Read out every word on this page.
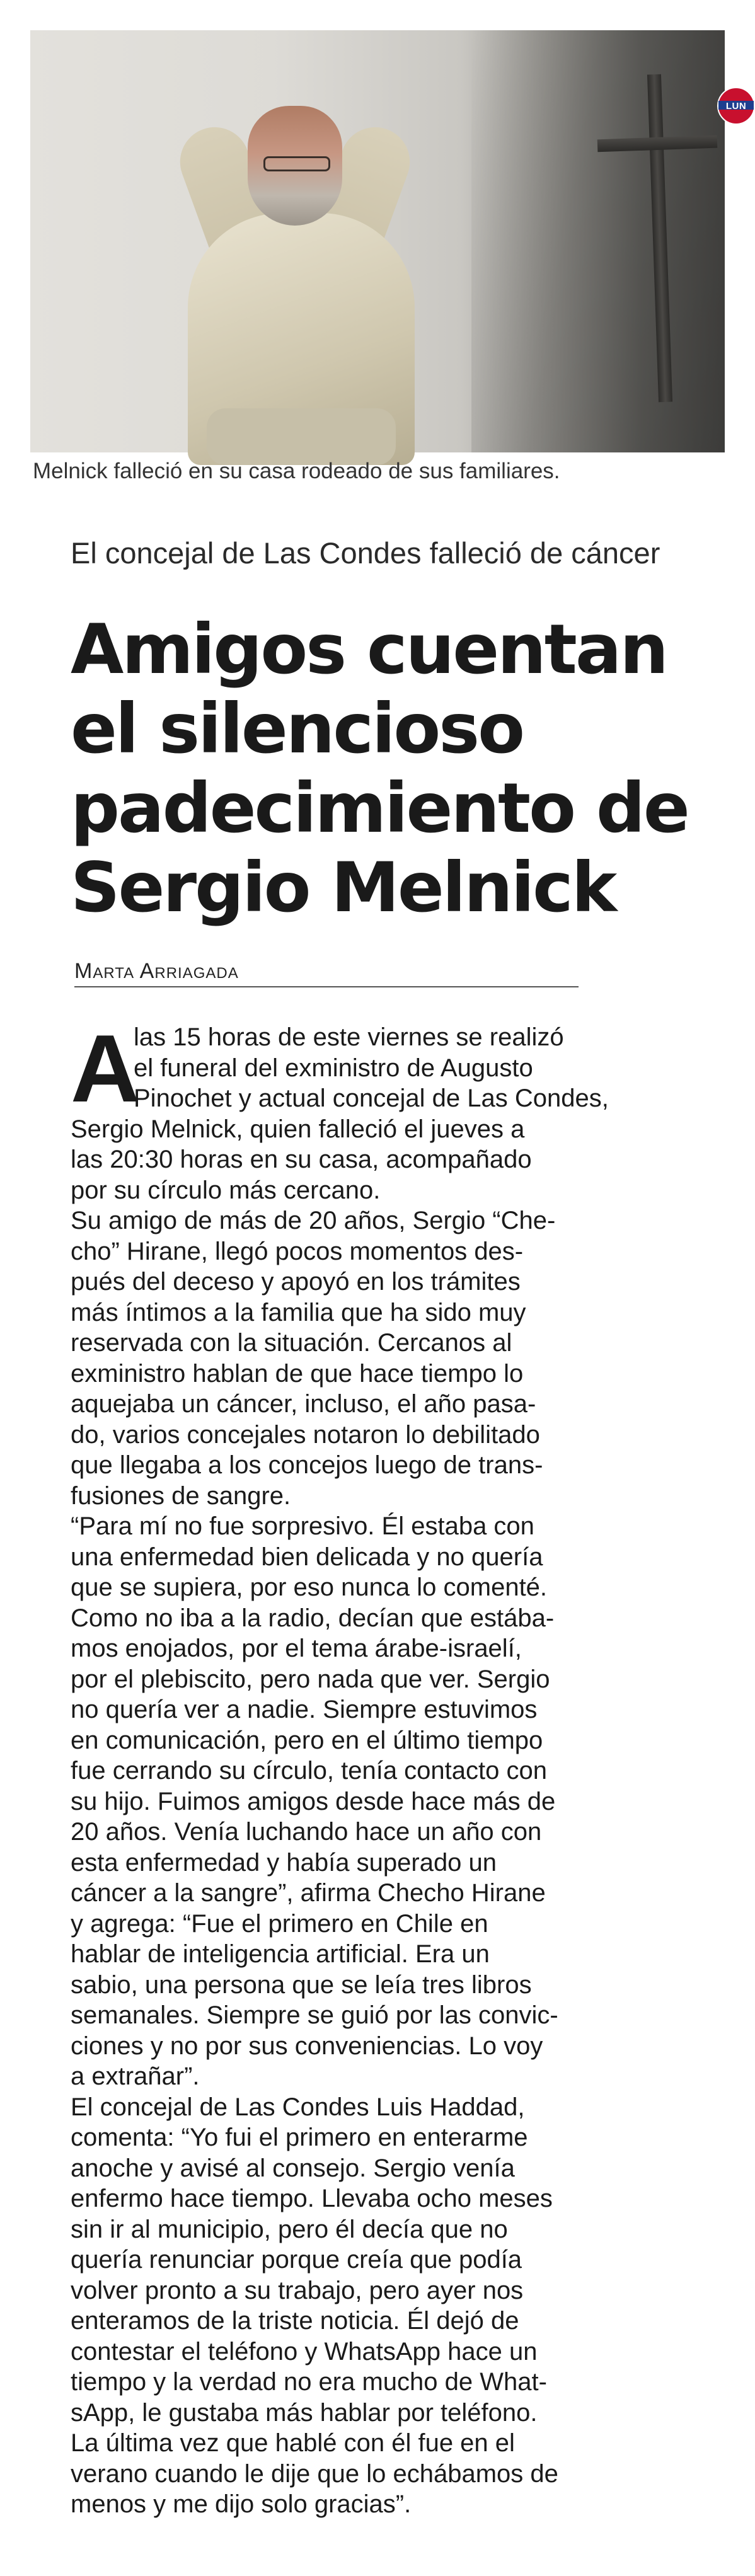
LUN
Melnick falleció en su casa rodeado de sus familiares.
El concejal de Las Condes falleció de cáncer
Amigos cuentan
el silencioso
padecimiento de
Sergio Melnick
Marta Arriagada
A
las 15 horas de este viernes se realizó
el funeral del exministro de Augusto
Pinochet y actual concejal de Las Condes,
Sergio Melnick, quien falleció el jueves a
las 20:30 horas en su casa, acompañado
por su círculo más cercano.
Su amigo de más de 20 años, Sergio “Che-
cho” Hirane, llegó pocos momentos des-
pués del deceso y apoyó en los trámites
más íntimos a la familia que ha sido muy
reservada con la situación. Cercanos al
exministro hablan de que hace tiempo lo
aquejaba un cáncer, incluso, el año pasa-
do, varios concejales notaron lo debilitado
que llegaba a los concejos luego de trans-
fusiones de sangre.
“Para mí no fue sorpresivo. Él estaba con
una enfermedad bien delicada y no quería
que se supiera, por eso nunca lo comenté.
Como no iba a la radio, decían que estába-
mos enojados, por el tema árabe-israelí,
por el plebiscito, pero nada que ver. Sergio
no quería ver a nadie. Siempre estuvimos
en comunicación, pero en el último tiempo
fue cerrando su círculo, tenía contacto con
su hijo. Fuimos amigos desde hace más de
20 años. Venía luchando hace un año con
esta enfermedad y había superado un
cáncer a la sangre”, afirma Checho Hirane
y agrega: “Fue el primero en Chile en
hablar de inteligencia artificial. Era un
sabio, una persona que se leía tres libros
semanales. Siempre se guió por las convic-
ciones y no por sus conveniencias. Lo voy
a extrañar”.
El concejal de Las Condes Luis Haddad,
comenta: “Yo fui el primero en enterarme
anoche y avisé al consejo. Sergio venía
enfermo hace tiempo. Llevaba ocho meses
sin ir al municipio, pero él decía que no
quería renunciar porque creía que podía
volver pronto a su trabajo, pero ayer nos
enteramos de la triste noticia. Él dejó de
contestar el teléfono y WhatsApp hace un
tiempo y la verdad no era mucho de What-
sApp, le gustaba más hablar por teléfono.
La última vez que hablé con él fue en el
verano cuando le dije que lo echábamos de
menos y me dijo solo gracias”.
